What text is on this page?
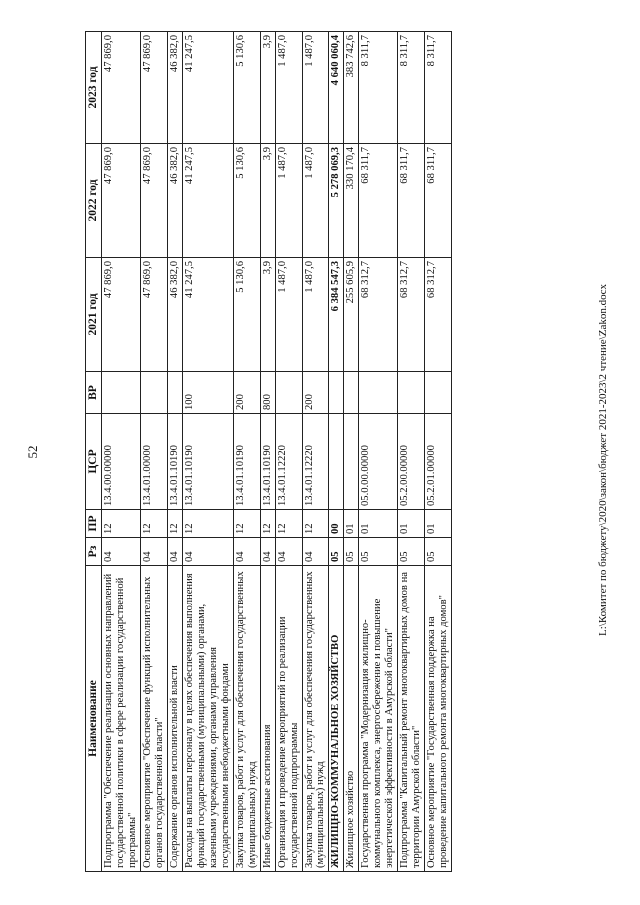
52
Наименование	Рз	ПР	ЦСР	ВР	2021 год	2022 год	2023 год
Подпрограмма "Обеспечение реализации основных направлений государственной политики в сфере реализации государственной программы"	04	12	13.4.00.00000		47 869,0	47 869,0	47 869,0
Основное мероприятие "Обеспечение функций исполнительных органов государственной власти"	04	12	13.4.01.00000		47 869,0	47 869,0	47 869,0
Содержание органов исполнительной власти	04	12	13.4.01.10190		46 382,0	46 382,0	46 382,0
Расходы на выплаты персоналу в целях обеспечения выполнения функций государственными (муниципальными) органами, казенными учреждениями, органами управления государственными внебюджетными фондами	04	12	13.4.01.10190	100	41 247,5	41 247,5	41 247,5
Закупка товаров, работ и услуг для обеспечения государственных (муниципальных) нужд	04	12	13.4.01.10190	200	5 130,6	5 130,6	5 130,6
Иные бюджетные ассигнования	04	12	13.4.01.10190	800	3,9	3,9	3,9
Организация и проведение мероприятий по реализации государственной подпрограммы	04	12	13.4.01.12220		1 487,0	1 487,0	1 487,0
Закупка товаров, работ и услуг для обеспечения государственных (муниципальных) нужд	04	12	13.4.01.12220	200	1 487,0	1 487,0	1 487,0
ЖИЛИЩНО-КОММУНАЛЬНОЕ ХОЗЯЙСТВО	05	00			6 384 547,3	5 278 069,3	4 640 060,4
Жилищное хозяйство	05	01			255 605,9	330 170,4	383 742,6
Государственная программа "Модернизация жилищно-коммунального комплекса, энергосбережение и повышение энергетической эффективности в Амурской области"	05	01	05.0.00.00000		68 312,7	68 311,7	8 311,7
Подпрограмма "Капитальный ремонт многоквартирных домов на территории Амурской области"	05	01	05.2.00.00000		68 312,7	68 311,7	8 311,7
Основное мероприятие "Государственная поддержка на проведение капитального ремонта многоквартирных домов"	05	01	05.2.01.00000		68 312,7	68 311,7	8 311,7
L:\Комитет по бюджету\2020\закон\бюджет 2021-2023\2 чтение\Zakon.docx
